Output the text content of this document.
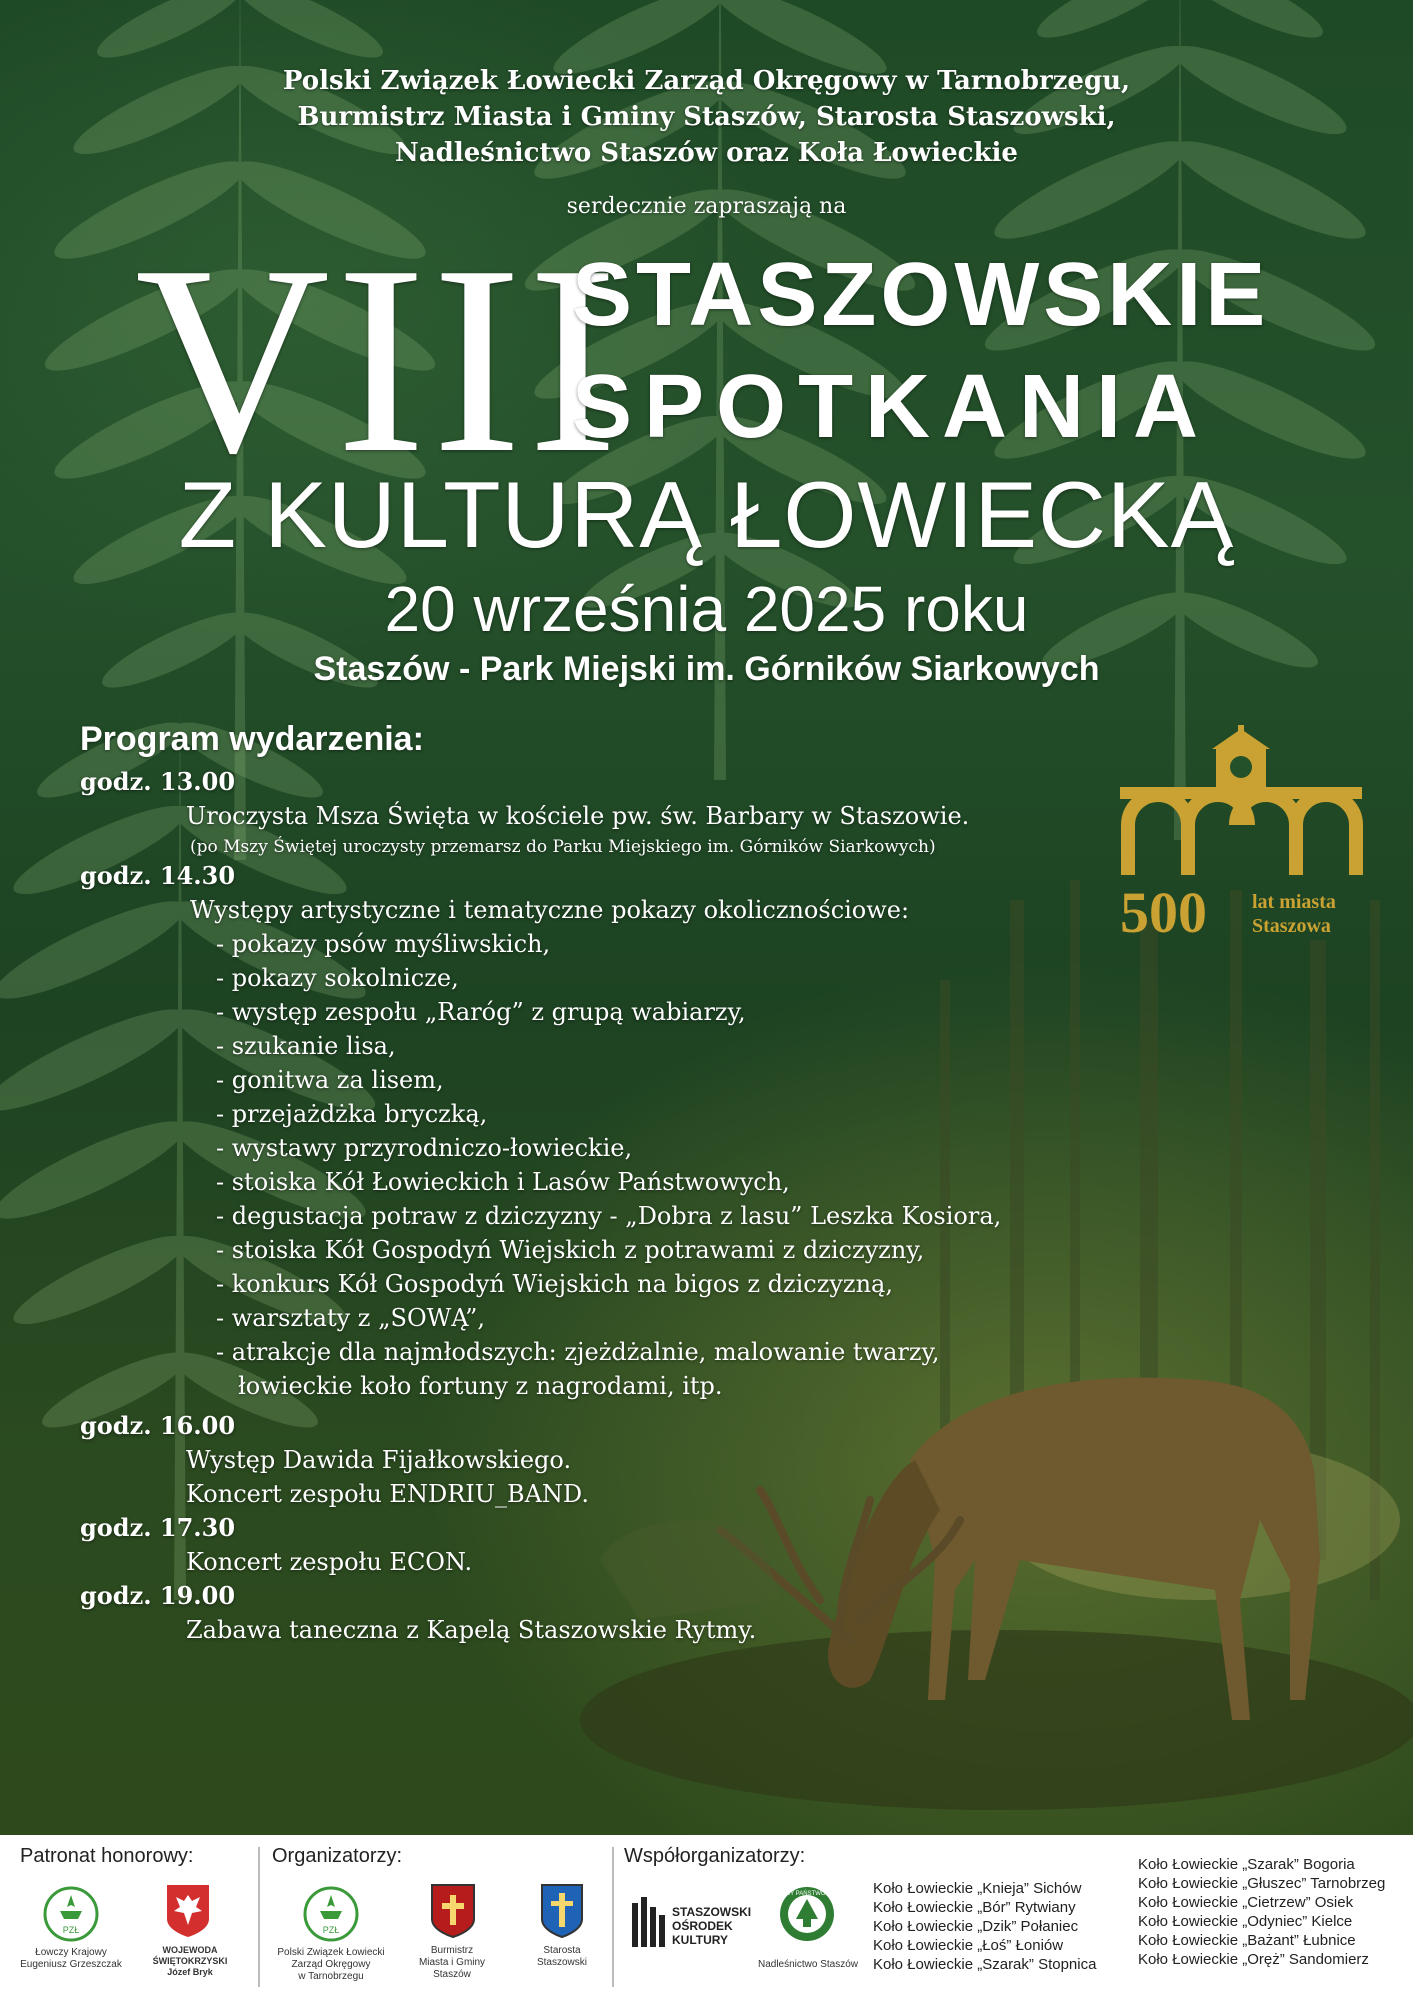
Polski Związek Łowiecki Zarząd Okręgowy w Tarnobrzegu,
Burmistrz Miasta i Gminy Staszów, Starosta Staszowski,
Nadleśnictwo Staszów oraz Koła Łowieckie
serdecznie zapraszają na
VIII
STASZOWSKIE
SPOTKANIA
Z KULTURĄ ŁOWIECKĄ
20 września 2025 roku
Staszów - Park Miejski im. Górników Siarkowych
Program wydarzenia:
godz. 13.00
Uroczysta Msza Święta w kościele pw. św. Barbary w Staszowie.
(po Mszy Świętej uroczysty przemarsz do Parku Miejskiego im. Górników Siarkowych)
godz. 14.30
Występy artystyczne i tematyczne pokazy okolicznościowe:
- pokazy psów myśliwskich,
- pokazy sokolnicze,
- występ zespołu „Raróg” z grupą wabiarzy,
- szukanie lisa,
- gonitwa za lisem,
- przejażdżka bryczką,
- wystawy przyrodniczo-łowieckie,
- stoiska Kół Łowieckich i Lasów Państwowych,
- degustacja potraw z dziczyzny - „Dobra z lasu” Leszka Kosiora,
- stoiska Kół Gospodyń Wiejskich z potrawami z dziczyzny,
- konkurs Kół Gospodyń Wiejskich na bigos z dziczyzną,
- warsztaty z „SOWĄ”,
- atrakcje dla najmłodszych: zjeżdżalnie, malowanie twarzy,
łowieckie koło fortuny z nagrodami, itp.
godz. 16.00
Występ Dawida Fijałkowskiego.
Koncert zespołu ENDRIU_BAND.
godz. 17.30
Koncert zespołu ECON.
godz. 19.00
Zabawa taneczna z Kapelą Staszowskie Rytmy.
500 lat miasta
Staszowa
Patronat honorowy:	Organizatorzy:	Współorganizatorzy:
PZŁ
Łowczy Krajowy
Eugeniusz Grzeszczak
WOJEWODA
ŚWIĘTOKRZYSKI
Józef Bryk
PZŁ
Polski Związek Łowiecki
Zarząd Okręgowy
w Tarnobrzegu
Burmistrz
Miasta i Gminy Staszów
Starosta
Staszowski
STASZOWSKI
OŚRODEK
KULTURY
LASY PAŃSTWOWE
Nadleśnictwo Staszów
Koło Łowieckie „Knieja” Sichów
Koło Łowieckie „Bór” Rytwiany
Koło Łowieckie „Dzik” Połaniec
Koło Łowieckie „Łoś” Łoniów
Koło Łowieckie „Szarak” Stopnica
Koło Łowieckie „Szarak” Bogoria
Koło Łowieckie „Głuszec” Tarnobrzeg
Koło Łowieckie „Cietrzew” Osiek
Koło Łowieckie „Odyniec” Kielce
Koło Łowieckie „Bażant” Łubnice
Koło Łowieckie „Oręż” Sandomierz
